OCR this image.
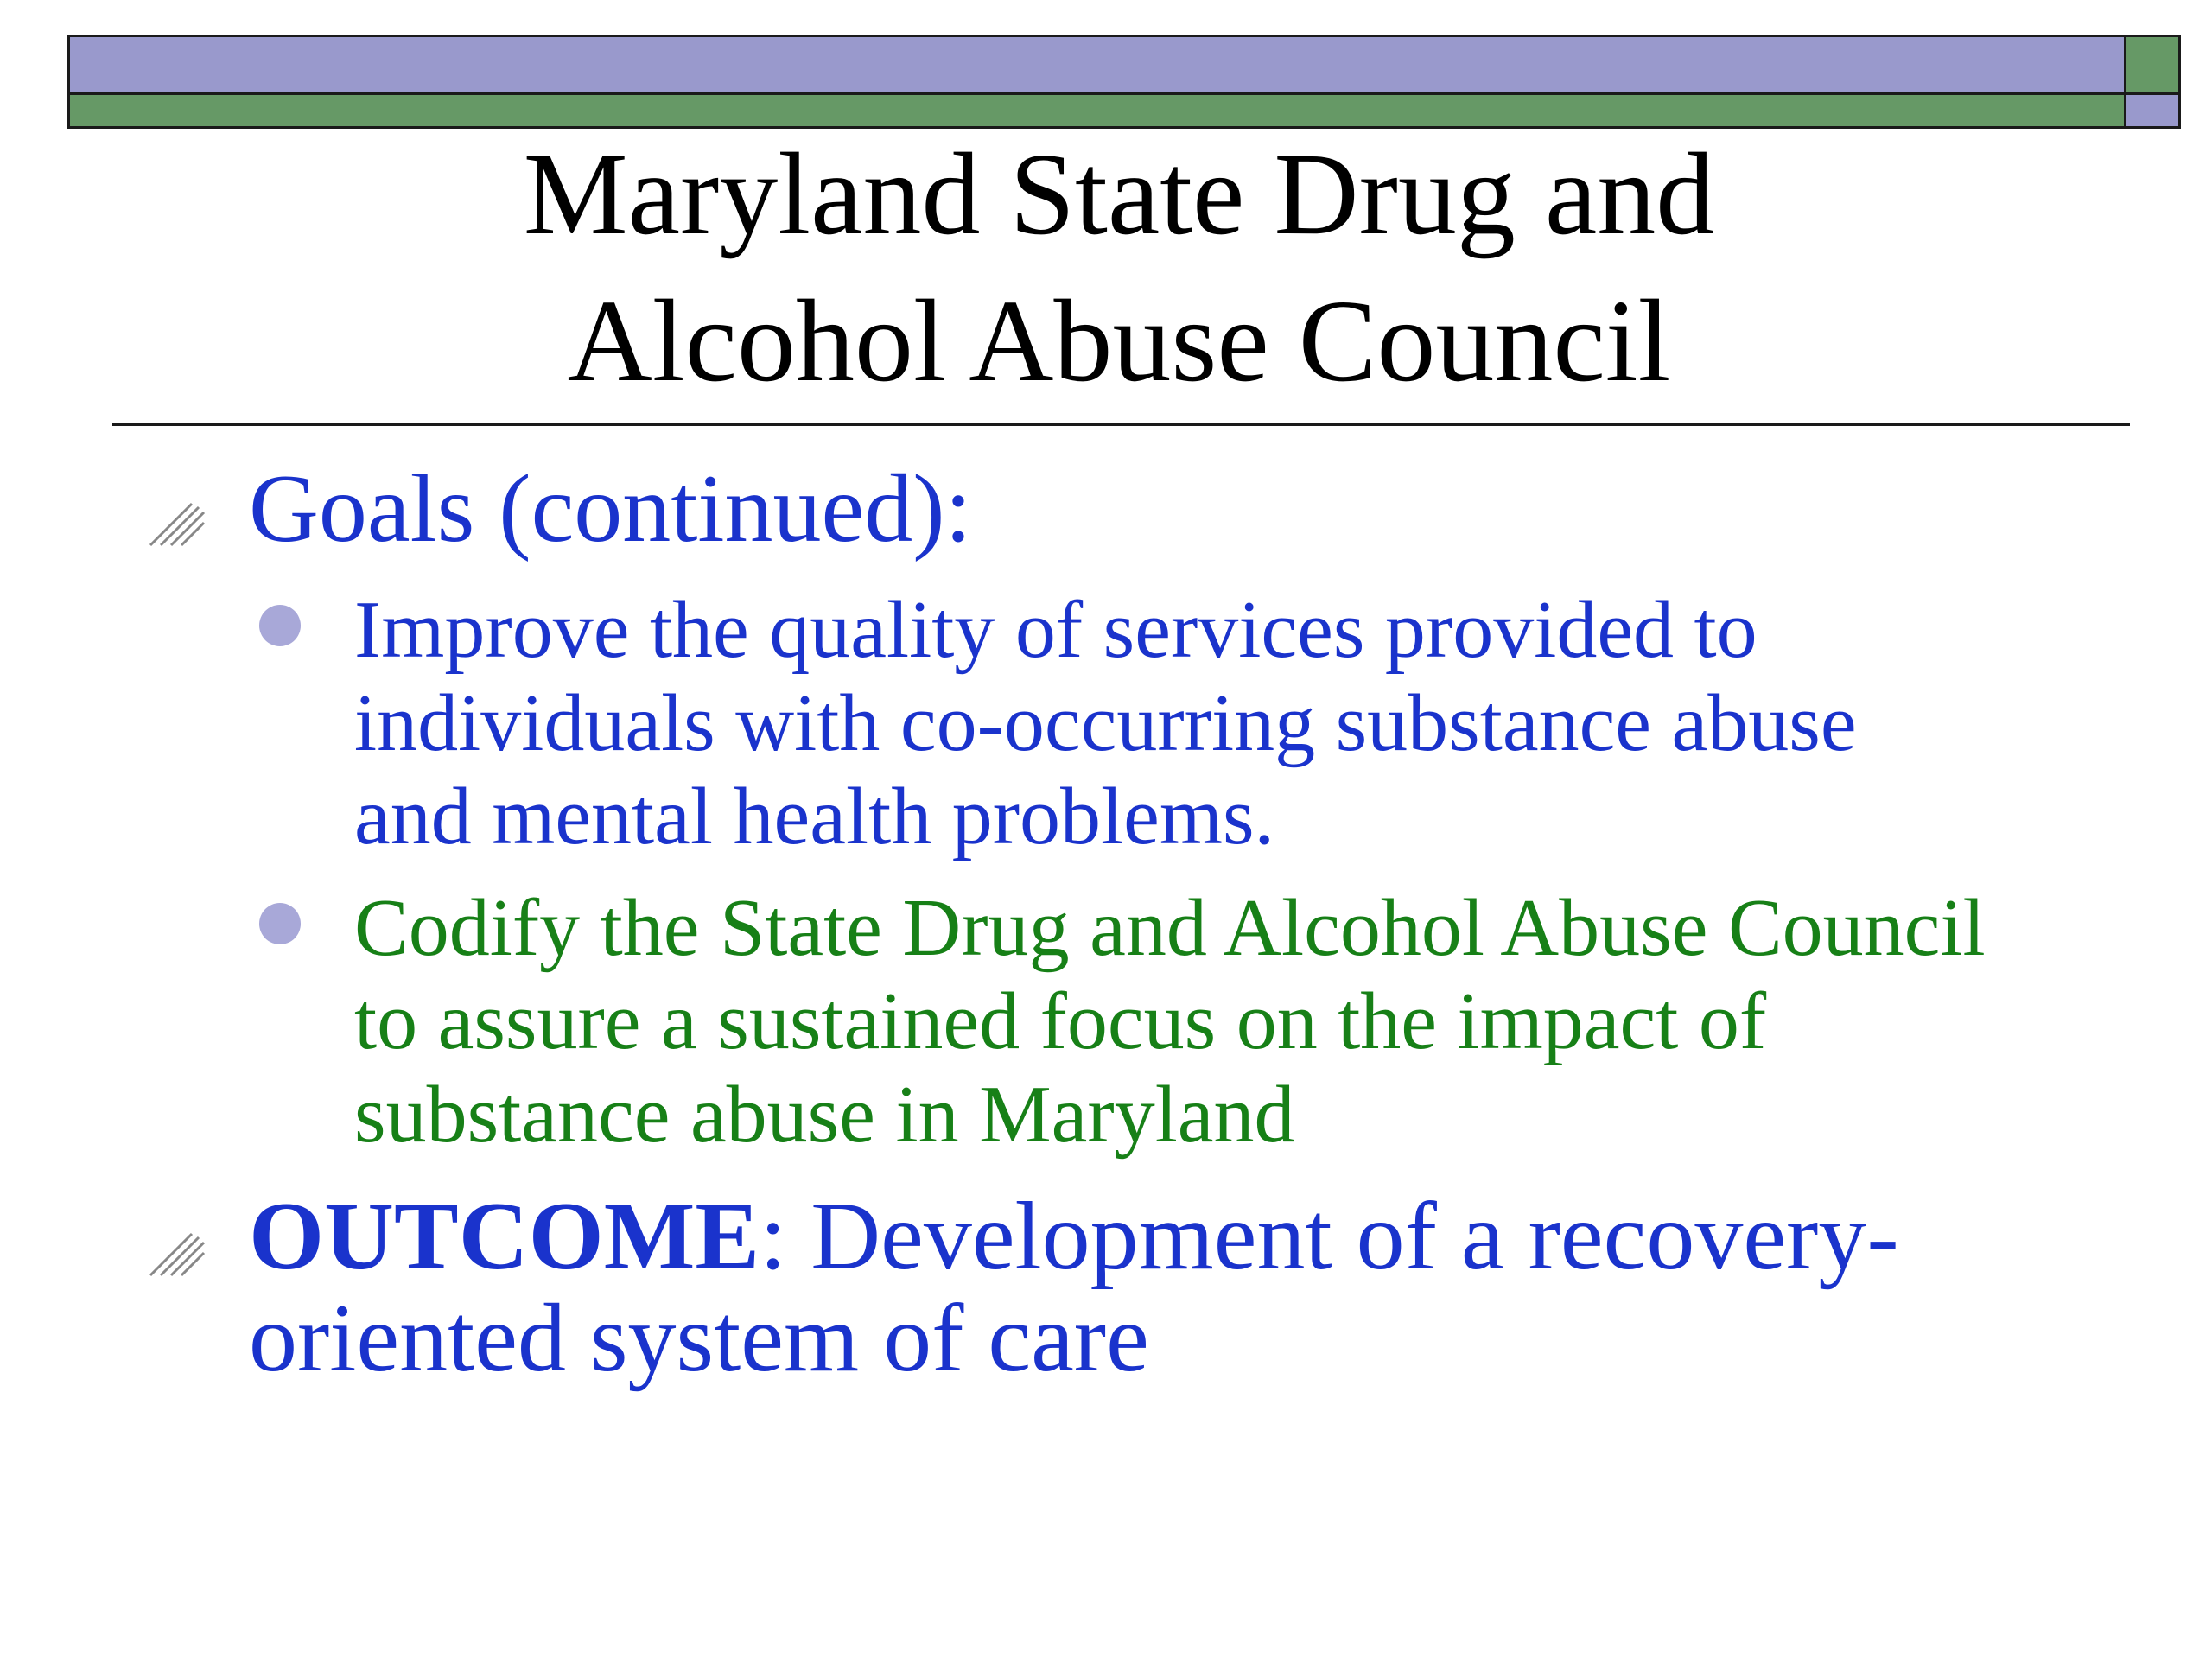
Maryland State Drug and
Alcohol Abuse Council
Goals (continued):
Improve the quality of services provided to
individuals with co-occurring substance abuse
and mental health problems.
Codify the State Drug and Alcohol Abuse Council
to assure a sustained focus on the impact of
substance abuse in Maryland
OUTCOME: Development of a recovery-
oriented system of care
